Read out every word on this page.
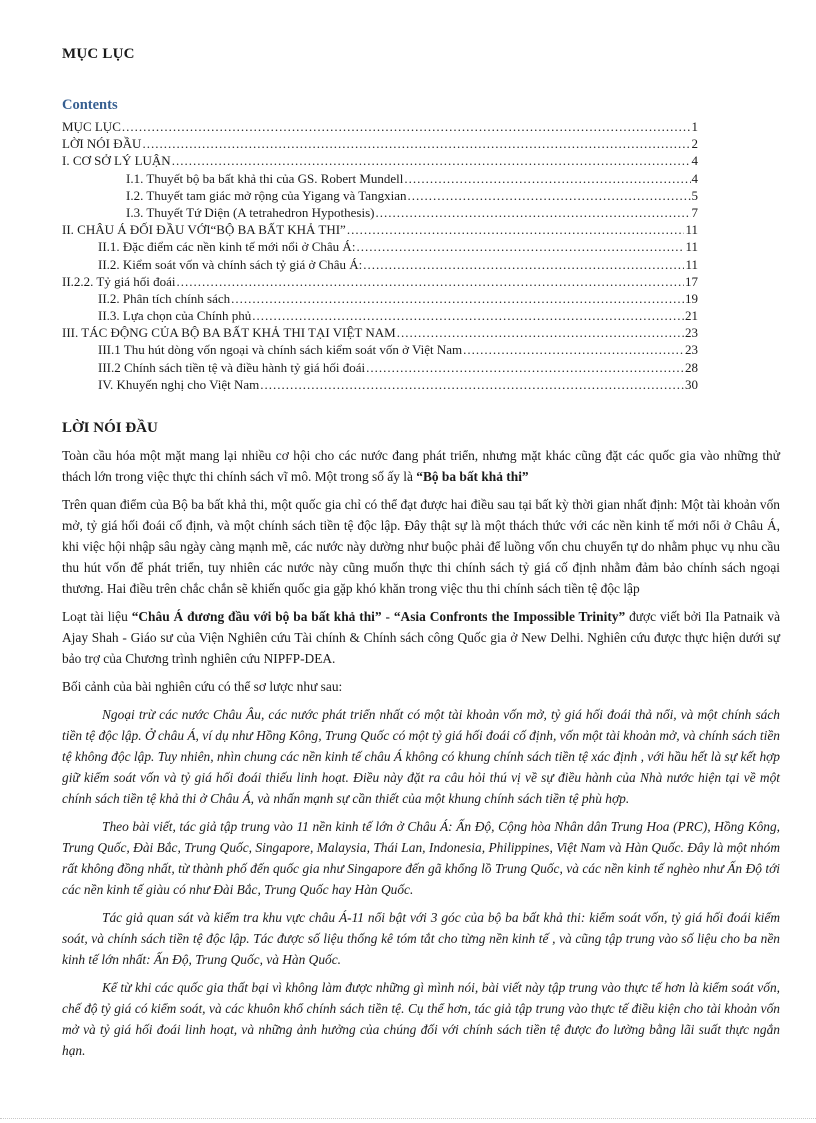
MỤC LỤC
Contents
MỤC LỤC .....	1
LỜI NÓI ĐẦU .....	2
I. CƠ SỞ LÝ LUẬN .....	4
I.1. Thuyết bộ ba bất khả thi của GS. Robert Mundell .....	4
I.2. Thuyết tam giác mở rộng của Yigang và Tangxian .....	5
I.3. Thuyết Tứ Diện (A tetrahedron Hypothesis) .....	7
II. CHÂU Á ĐỐI ĐẦU VỚI“BỘ BA BẤT KHẢ THI” .....	11
II.1. Đặc điểm các nền kinh tế mới nổi ở Châu Á: .....	11
II.2. Kiểm soát vốn và chính sách tỷ giá ở Châu Á: .....	11
II.2.2. Tỷ giá hối đoái .....	17
II.2. Phân tích chính sách .....	19
II.3. Lựa chọn của Chính phủ .....	21
III. TÁC ĐỘNG CỦA BỘ BA BẤT KHẢ THI TẠI VIỆT NAM .....	23
III.1 Thu hút dòng vốn ngoại và chính sách kiểm soát vốn ở Việt Nam .....	23
III.2 Chính sách tiền tệ và điều hành tỷ giá hối đoái .....	28
IV. Khuyến nghị cho Việt Nam .....	30
LỜI NÓI ĐẦU

Toàn cầu hóa một mặt mang lại nhiều cơ hội cho các nước đang phát triển, nhưng mặt khác cũng đặt các quốc gia vào những thử thách lớn trong việc thực thi chính sách vĩ mô. Một trong số ấy là “Bộ ba bất khả thi”

Trên quan điểm của Bộ ba bất khả thi, một quốc gia chỉ có thể đạt được hai điều sau tại bất kỳ thời gian nhất định: Một tài khoản vốn mở, tỷ giá hối đoái cố định, và một chính sách tiền tệ độc lập. Đây thật sự là một thách thức với các nền kinh tế mới nổi ở Châu Á, khi việc hội nhập sâu ngày càng mạnh mẽ, các nước này dường như buộc phải để luồng vốn chu chuyển tự do nhằm phục vụ nhu cầu thu hút vốn để phát triển, tuy nhiên các nước này cũng muốn thực thi chính sách tỷ giá cố định nhằm đảm bảo chính sách ngoại thương. Hai điều trên chắc chắn sẽ khiến quốc gia gặp khó khăn trong việc thu thi chính sách tiền tệ độc lập

Loạt tài liệu “Châu Á đương đầu với bộ ba bất khả thi” - “Asia Confronts the Impossible Trinity” được viết bởi Ila Patnaik và Ajay Shah - Giáo sư của Viện Nghiên cứu Tài chính & Chính sách công Quốc gia ở New Delhi. Nghiên cứu được thực hiện dưới sự bảo trợ của Chương trình nghiên cứu NIPFP-DEA.

Bối cảnh của bài nghiên cứu có thể sơ lược như sau:

Ngoại trừ các nước Châu Âu, các nước phát triển nhất có một tài khoản vốn mở, tỷ giá hối đoái thả nổi, và một chính sách tiền tệ độc lập. Ở châu Á, ví dụ như Hồng Kông, Trung Quốc có một tỷ giá hối đoái cố định, vốn một tài khoản mở, và chính sách tiền tệ không độc lập. Tuy nhiên, nhìn chung các nền kinh tế châu Á không có khung chính sách tiền tệ xác định , với hầu hết là sự kết hợp giữ kiểm soát vốn và tỷ giá hối đoái thiếu linh hoạt. Điều này đặt ra câu hỏi thú vị về sự điều hành của Nhà nước hiện tại về một chính sách tiền tệ khả thi ở Châu Á, và nhấn mạnh sự cần thiết của một khung chính sách tiền tệ phù hợp.

Theo bài viết, tác giả tập trung vào 11 nền kinh tế lớn ở Châu Á: Ấn Độ, Cộng hòa Nhân dân Trung Hoa (PRC), Hồng Kông, Trung Quốc, Đài Bắc, Trung Quốc, Singapore, Malaysia, Thái Lan, Indonesia, Philippines, Việt Nam và Hàn Quốc. Đây là một nhóm rất không đồng nhất, từ thành phố đến quốc gia như Singapore đến gã khổng lồ Trung Quốc, và các nền kinh tế nghèo như Ấn Độ tới các nền kinh tế giàu có như Đài Bắc, Trung Quốc hay Hàn Quốc.

Tác giả quan sát và kiểm tra khu vực châu Á-11 nổi bật với 3 góc của bộ ba bất khả thi: kiểm soát vốn, tỷ giá hối đoái kiểm soát, và chính sách tiền tệ độc lập. Tác được số liệu thống kê tóm tắt cho từng nền kinh tế , và cũng tập trung vào số liệu cho ba nền kinh tế lớn nhất: Ấn Độ, Trung Quốc, và Hàn Quốc.

Kể từ khi các quốc gia thất bại vì không làm được những gì mình nói, bài viết này tập trung vào thực tế hơn là kiểm soát vốn, chế độ tỷ giá có kiểm soát, và các khuôn khổ chính sách tiền tệ. Cụ thể hơn, tác giả tập trung vào thực tế điều kiện cho tài khoản vốn mở và tỷ giá hối đoái linh hoạt, và những ảnh hưởng của chúng đối với chính sách tiền tệ được đo lường bằng lãi suất thực ngắn hạn.
